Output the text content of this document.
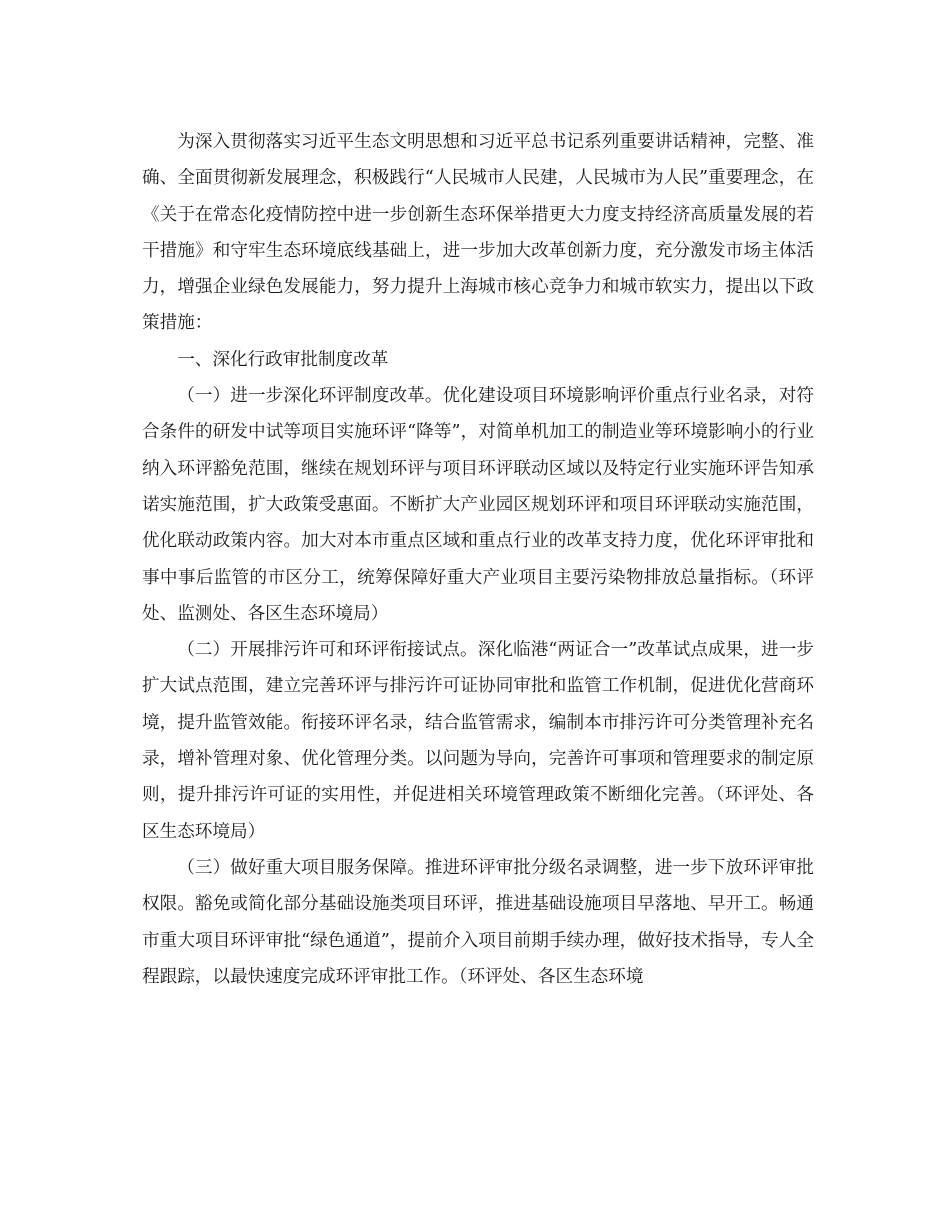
为深入贯彻落实习近平生态文明思想和习近平总书记系列重要讲话精神，完整、准确、全面贯彻新发展理念，积极践行“人民城市人民建，人民城市为人民”重要理念，在《关于在常态化疫情防控中进一步创新生态环保举措更大力度支持经济高质量发展的若干措施》和守牢生态环境底线基础上，进一步加大改革创新力度，充分激发市场主体活力，增强企业绿色发展能力，努力提升上海城市核心竞争力和城市软实力，提出以下政策措施：

一、深化行政审批制度改革

（一）进一步深化环评制度改革。优化建设项目环境影响评价重点行业名录，对符合条件的研发中试等项目实施环评“降等”，对简单机加工的制造业等环境影响小的行业纳入环评豁免范围，继续在规划环评与项目环评联动区域以及特定行业实施环评告知承诺实施范围，扩大政策受惠面。不断扩大产业园区规划环评和项目环评联动实施范围，优化联动政策内容。加大对本市重点区域和重点行业的改革支持力度，优化环评审批和事中事后监管的市区分工，统筹保障好重大产业项目主要污染物排放总量指标。（环评处、监测处、各区生态环境局）

（二）开展排污许可和环评衔接试点。深化临港“两证合一”改革试点成果，进一步扩大试点范围，建立完善环评与排污许可证协同审批和监管工作机制，促进优化营商环境，提升监管效能。衔接环评名录，结合监管需求，编制本市排污许可分类管理补充名录，增补管理对象、优化管理分类。以问题为导向，完善许可事项和管理要求的制定原则，提升排污许可证的实用性，并促进相关环境管理政策不断细化完善。（环评处、各区生态环境局）

（三）做好重大项目服务保障。推进环评审批分级名录调整，进一步下放环评审批权限。豁免或简化部分基础设施类项目环评，推进基础设施项目早落地、早开工。畅通市重大项目环评审批“绿色通道”，提前介入项目前期手续办理，做好技术指导，专人全程跟踪，以最快速度完成环评审批工作。（环评处、各区生态环境
